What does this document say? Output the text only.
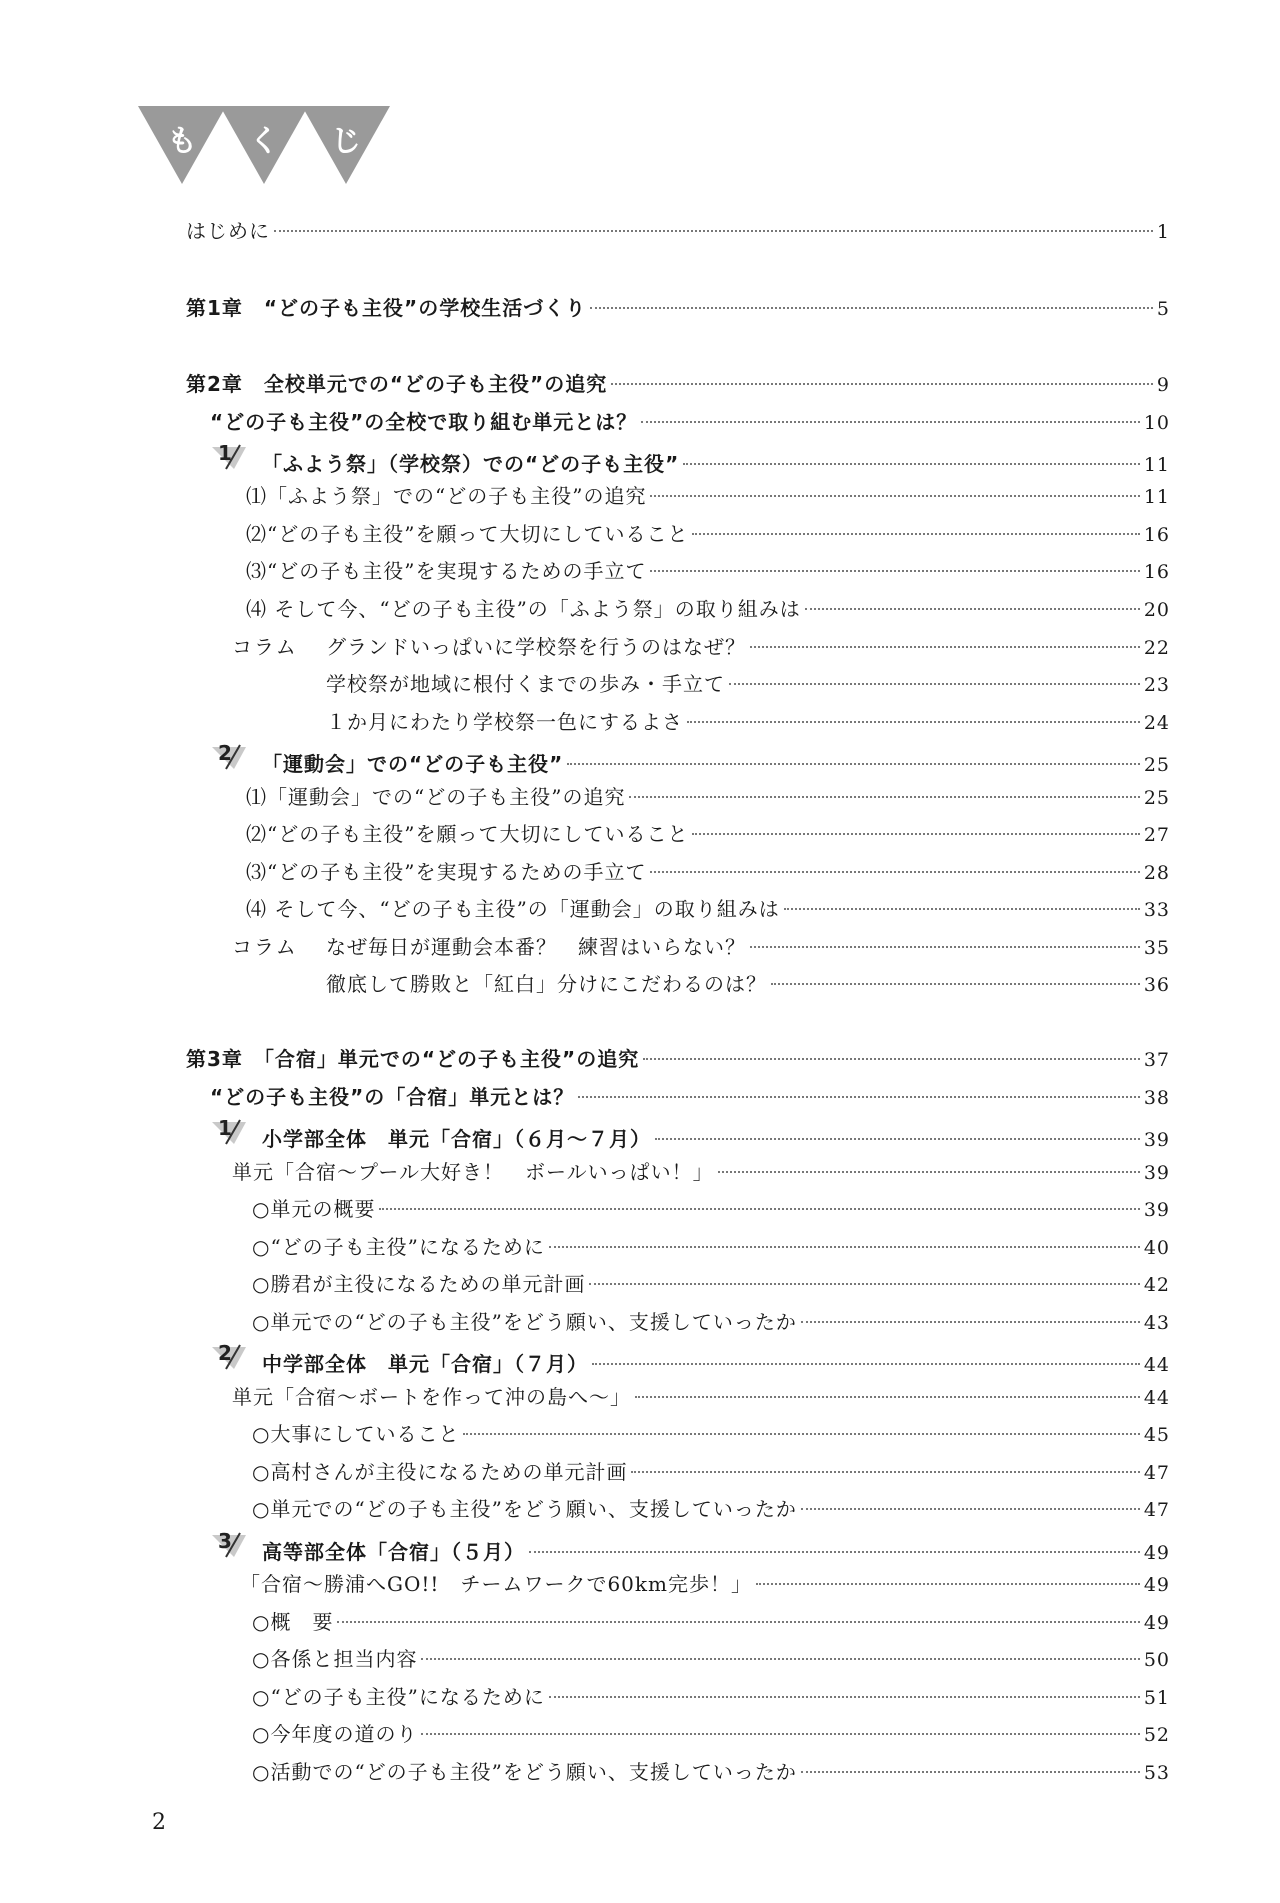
も	く	じ
はじめに	1
第1章　“どの子も主役”の学校生活づくり	5
第2章　全校単元での“どの子も主役”の追究	9
“どの子も主役”の全校で取り組む単元とは？	10
1 「ふよう祭」（学校祭）での“どの子も主役”	11
⑴「ふよう祭」での“どの子も主役”の追究	11
⑵“どの子も主役”を願って大切にしていること	16
⑶“どの子も主役”を実現するための手立て	16
⑷ そして今、“どの子も主役”の「ふよう祭」の取り組みは	20
コラム グランドいっぱいに学校祭を行うのはなぜ？	22
学校祭が地域に根付くまでの歩み・手立て	23
１か月にわたり学校祭一色にするよさ	24
2 「運動会」での“どの子も主役”	25
⑴「運動会」での“どの子も主役”の追究	25
⑵“どの子も主役”を願って大切にしていること	27
⑶“どの子も主役”を実現するための手立て	28
⑷ そして今、“どの子も主役”の「運動会」の取り組みは	33
コラム なぜ毎日が運動会本番？　練習はいらない？	35
徹底して勝敗と「紅白」分けにこだわるのは？	36
第3章　「合宿」単元での“どの子も主役”の追究	37
“どの子も主役”の「合宿」単元とは？	38
1 小学部全体　単元「合宿」（６月～７月）	39
単元「合宿～プール大好き！　ボールいっぱい！」	39
○単元の概要	39
○“どの子も主役”になるために	40
○勝君が主役になるための単元計画	42
○単元での“どの子も主役”をどう願い、支援していったか	43
2 中学部全体　単元「合宿」（７月）	44
単元「合宿～ボートを作って沖の島へ～」	44
○大事にしていること	45
○高村さんが主役になるための単元計画	47
○単元での“どの子も主役”をどう願い、支援していったか	47
3 高等部全体「合宿」（５月）	49
「合宿～勝浦へGO!!　チームワークで60km完歩！」	49
○概　要	49
○各係と担当内容	50
○“どの子も主役”になるために	51
○今年度の道のり	52
○活動での“どの子も主役”をどう願い、支援していったか	53
2
